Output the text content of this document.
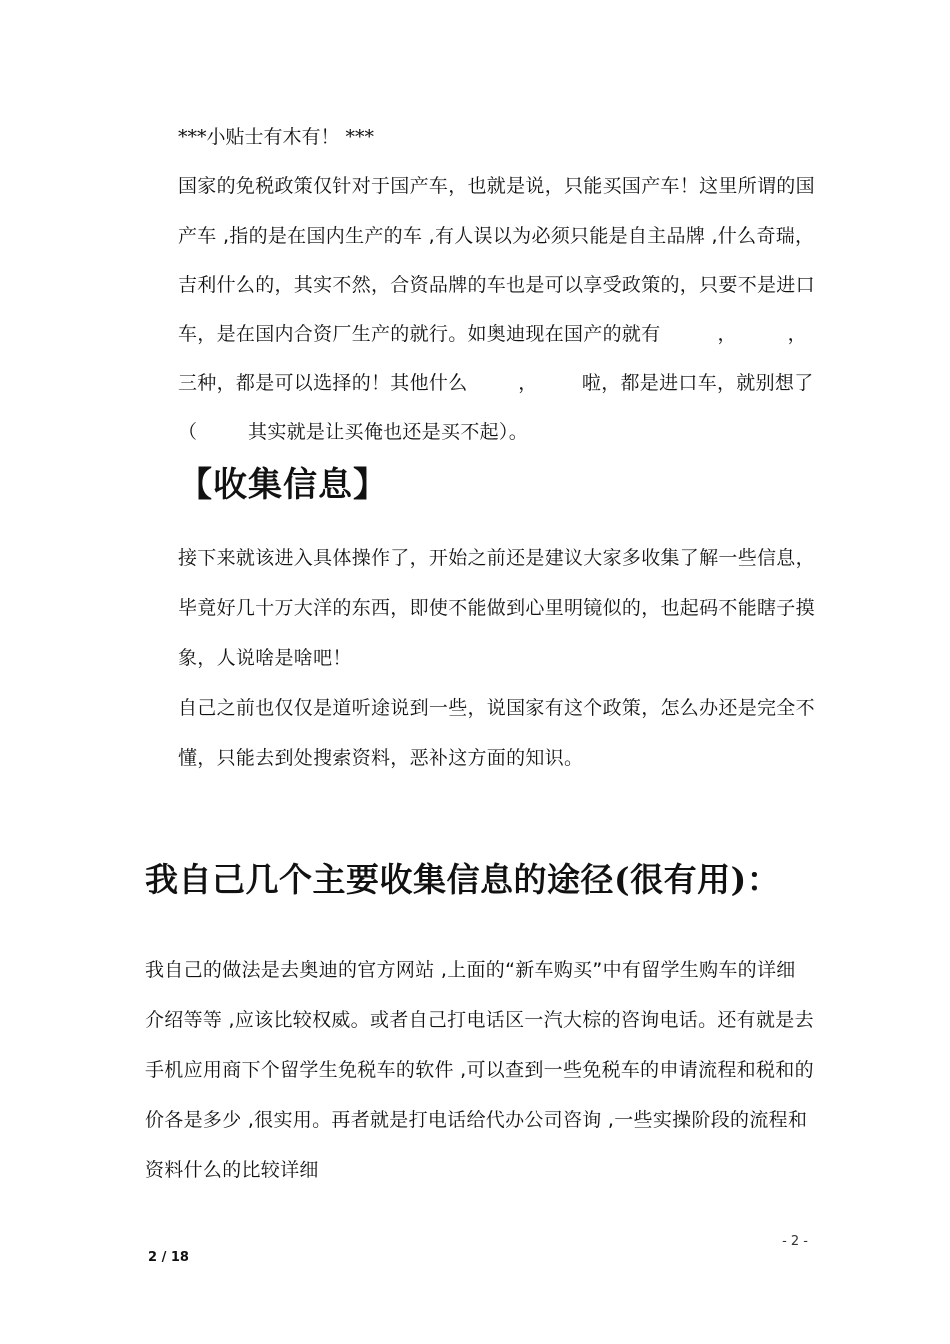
***小贴士有木有！ ***

国家的免税政策仅针对于国产车，也就是说，只能买国产车！这里所谓的国

产车 ,指的是在国内生产的车 ,有人误以为必须只能是自主品牌 ,什么奇瑞，

吉利什么的，其实不然，合资品牌的车也是可以享受政策的，只要不是进口

车，是在国内合资厂生产的就行。如奥迪现在国产的就有         ，        ，

三种，都是可以选择的！其他什么        ，       啦，都是进口车，就别想了

（        其实就是让买俺也还是买不起）。

【收集信息】

接下来就该进入具体操作了，开始之前还是建议大家多收集了解一些信息，

毕竟好几十万大洋的东西，即使不能做到心里明镜似的，也起码不能瞎子摸

象，人说啥是啥吧！

自己之前也仅仅是道听途说到一些，说国家有这个政策，怎么办还是完全不

懂，只能去到处搜索资料，恶补这方面的知识。

我自己几个主要收集信息的途径(很有用)：

我自己的做法是去奥迪的官方网站 ,上面的“新车购买”中有留学生购车的详细

介绍等等 ,应该比较权威。或者自己打电话区一汽大棕的咨询电话。还有就是去

手机应用商下个留学生免税车的软件 ,可以查到一些免税车的申请流程和税和的

价各是多少 ,很实用。再者就是打电话给代办公司咨询 ,一些实操阶段的流程和

资料什么的比较详细

- 2 -
2 / 18
